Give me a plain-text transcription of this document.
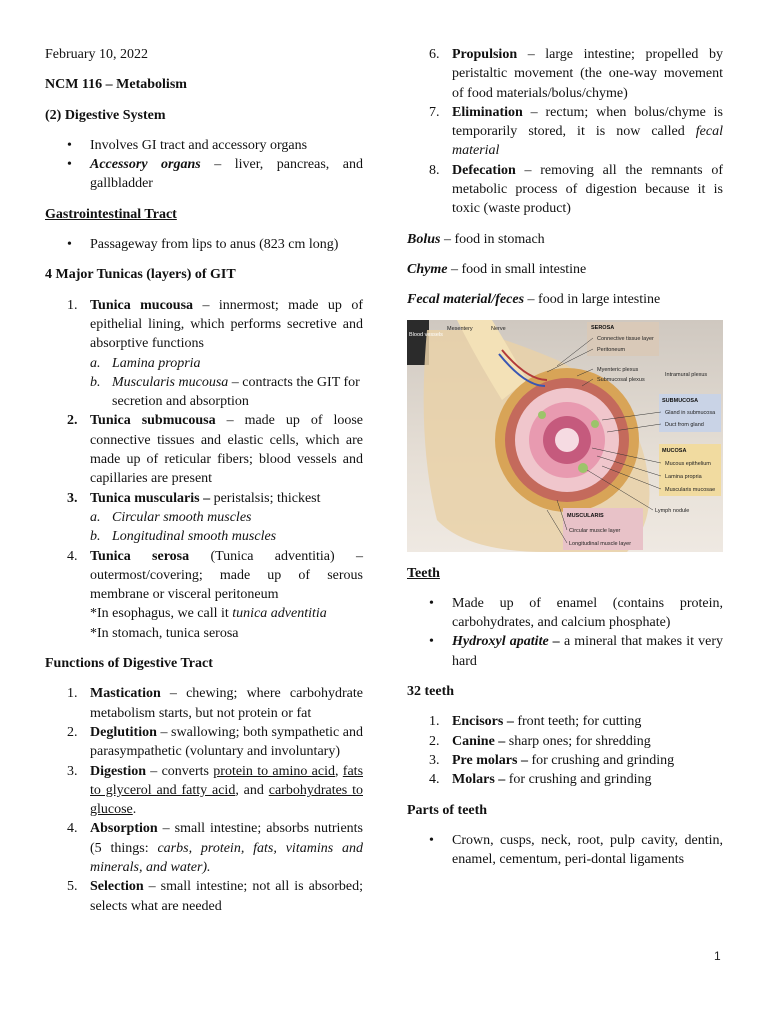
February 10, 2022

NCM 116 – Metabolism

(2) Digestive System

• Involves GI tract and accessory organs

• Accessory organs – liver, pancreas, and gallbladder

Gastrointestinal Tract

• Passageway from lips to anus (823 cm long)

4 Major Tunicas (layers) of GIT

1. Tunica mucousa – innermost; made up of epithelial lining, which performs secretive and absorptive functions

a. Lamina propria

b. Muscularis mucousa – contracts the GIT for secretion and absorption

2. Tunica submucousa – made up of loose connective tissues and elastic cells, which are made up of reticular fibers; blood vessels and capillaries are present

3. Tunica muscularis – peristalsis; thickest

a. Circular smooth muscles

b. Longitudinal smooth muscles

4. Tunica serosa (Tunica adventitia) – outermost/covering; made up of serous membrane or visceral peritoneum

*In esophagus, we call it tunica adventitia

*In stomach, tunica serosa

Functions of Digestive Tract

1. Mastication – chewing; where carbohydrate metabolism starts, but not protein or fat

2. Deglutition – swallowing; both sympathetic and parasympathetic (voluntary and involuntary)

3. Digestion – converts protein to amino acid, fats to glycerol and fatty acid, and carbohydrates to glucose.

4. Absorption – small intestine; absorbs nutrients (5 things: carbs, protein, fats, vitamins and minerals, and water).

5. Selection – small intestine; not all is absorbed; selects what are needed

6. Propulsion – large intestine; propelled by peristaltic movement (the one-way movement of food materials/bolus/chyme)

7. Elimination – rectum; when bolus/chyme is temporarily stored, it is now called fecal material

8. Defecation – removing all the remnants of metabolic process of digestion because it is toxic (waste product)

Bolus – food in stomach

Chyme – food in small intestine

Fecal material/feces – food in large intestine

Blood vessels
Mesentery	Nerve	SEROSA
Connective tissue layer
Peritoneum
Myenteric plexus
Submucosal plexus
Intramural plexus
SUBMUCOSA
Gland in submucosa
Duct from gland
MUCOSA
Mucous epithelium
Lamina propria
Muscularis mucosae
Lymph nodule
MUSCULARIS
Circular muscle layer
Longitudinal muscle layer

Teeth

• Made up of enamel (contains protein, carbohydrates, and calcium phosphate)

• Hydroxyl apatite – a mineral that makes it very hard

32 teeth

1. Encisors – front teeth; for cutting

2. Canine – sharp ones; for shredding

3. Pre molars – for crushing and grinding

4. Molars – for crushing and grinding

Parts of teeth

• Crown, cusps, neck, root, pulp cavity, dentin, enamel, cementum, peri-dontal ligaments

1
